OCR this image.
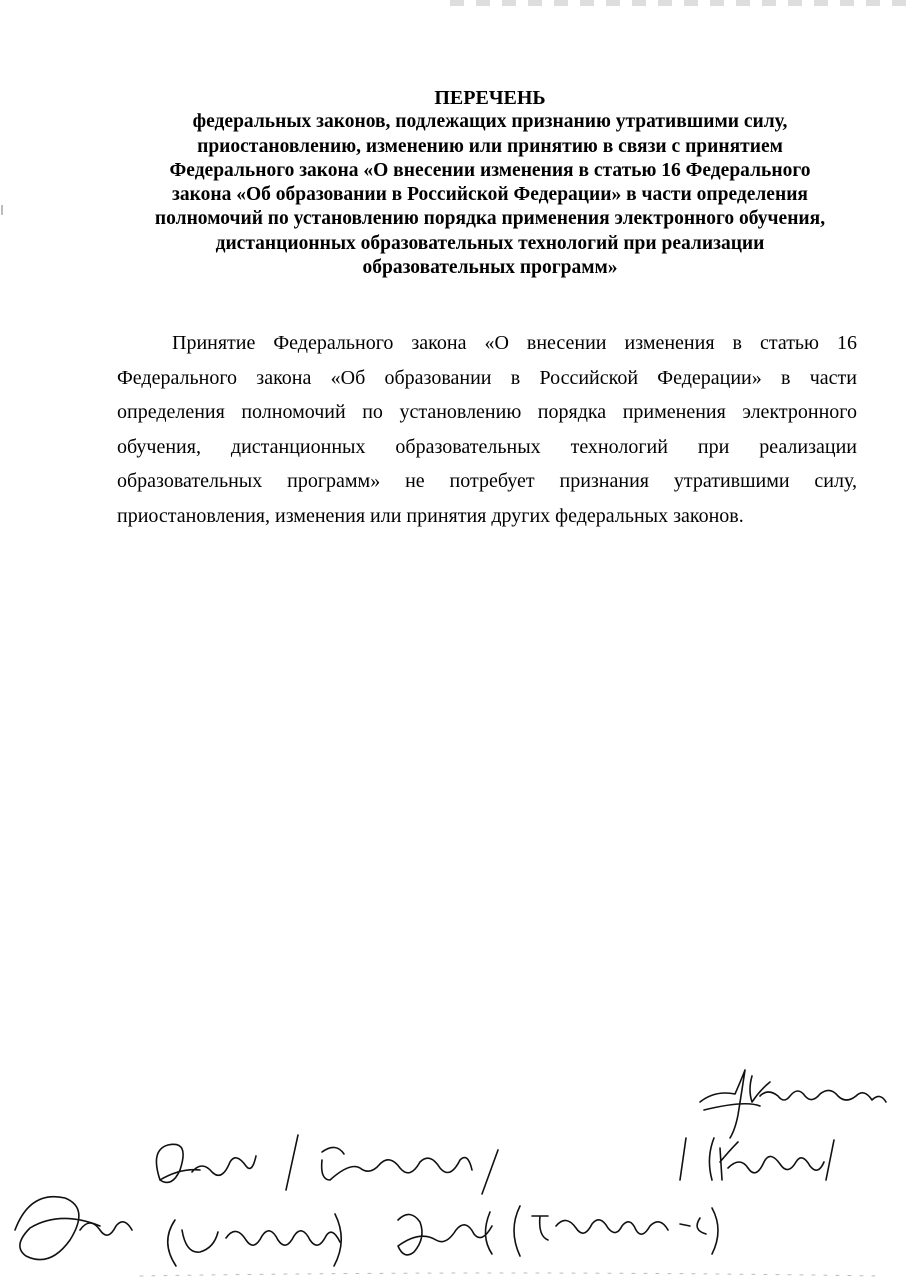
ПЕРЕЧЕНЬ
федеральных законов, подлежащих признанию утратившими силу,
приостановлению, изменению или принятию в связи с принятием
Федерального закона «О внесении изменения в статью 16 Федерального
закона «Об образовании в Российской Федерации» в части определения
полномочий по установлению порядка применения электронного обучения,
дистанционных образовательных технологий при реализации
образовательных программ»
Принятие Федерального закона «О внесении изменения в статью 16
Федерального закона «Об образовании в Российской Федерации» в части
определения полномочий по установлению порядка применения электронного
обучения, дистанционных образовательных технологий при реализации
образовательных программ» не потребует признания утратившими силу,
приостановления, изменения или принятия других федеральных законов.
